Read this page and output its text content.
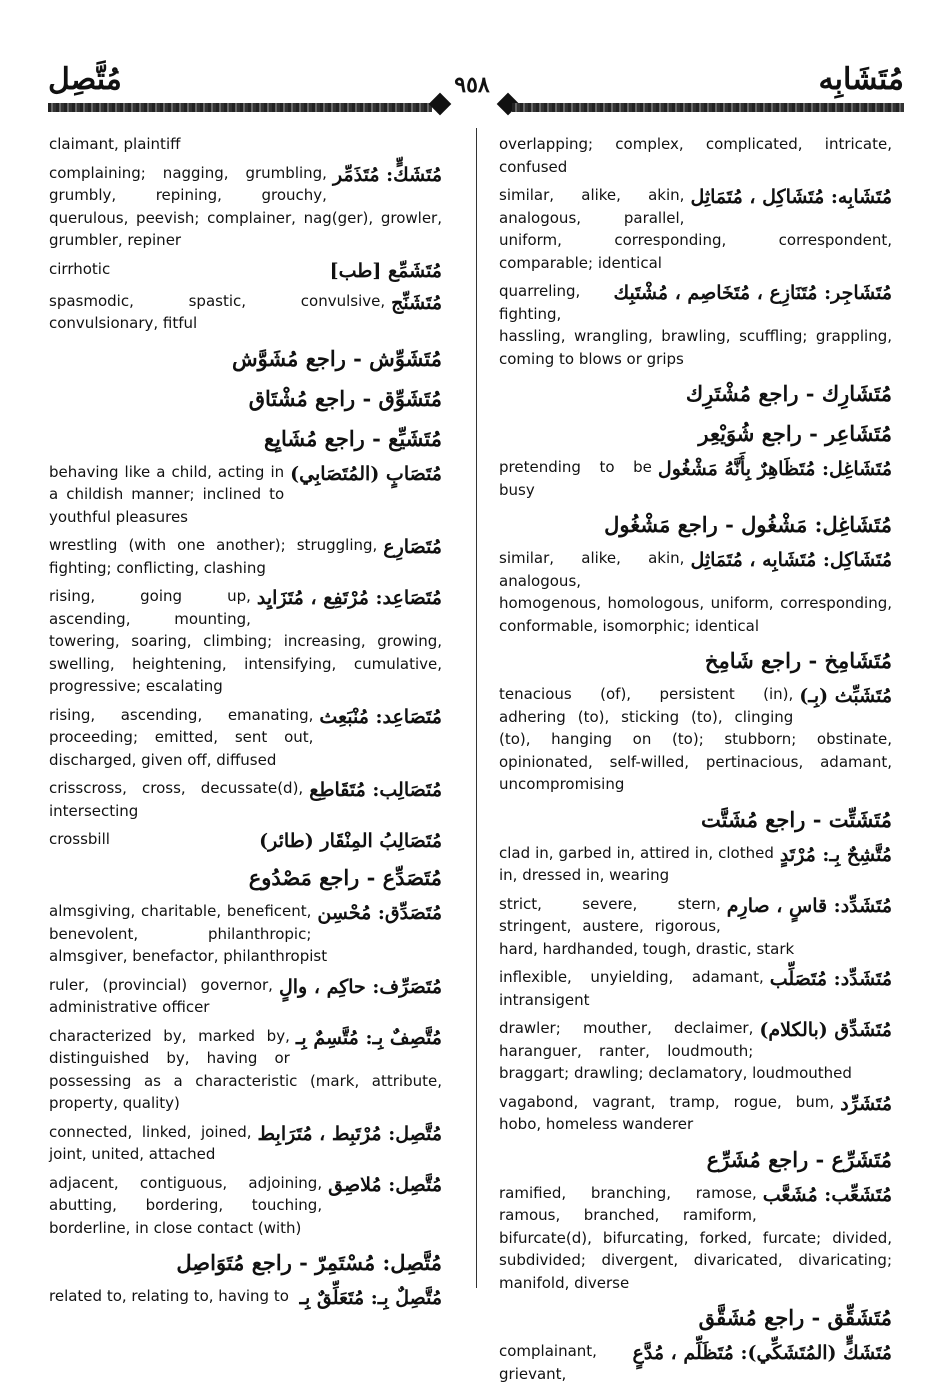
مُتَّصِل	٩٥٨	مُتَشَابِه
claimant, plaintiff
مُتَشَكٍّ: مُتَذَمِّر
complaining; nagging, grumbling, grumbly, repining, grouchy, querulous, peevish; complainer, nag(ger), growler, grumbler, repiner
مُتَشَمِّع [طب]
cirrhotic
مُتَشَنِّج
spasmodic, spastic, convulsive, convulsionary, fitful
مُتَشَوِّش - راجع مُشَوَّش
مُتَشَوِّق - راجع مُشْتَاق
مُتَشَيِّع - راجع مُشَايِع
مُتَصَابٍ (المُتَصَابِي)
behaving like a child, acting in a childish manner; inclined to youthful pleasures
مُتَصَارِع
wrestling (with one another); struggling, fighting; conflicting, clashing
مُتَصَاعِد: مُرْتَفِع ، مُتَزَايِد
rising, going up, ascending, mounting, towering, soaring, climbing; increasing, growing, swelling, heightening, intensifying, cumulative, progressive; escalating
مُتَصَاعِد: مُنْبَعِث
rising, ascending, emanating, proceeding; emitted, sent out, discharged, given off, diffused
مُتَصَالِب: مُتَقَاطِع
crisscross, cross, decussate(d), intersecting
مُتَصَالِبُ المِنْقَار (طائر)
crossbill
مُتَصَدِّع - راجع مَصْدُوع
مُتَصَدِّق: مُحْسِن
almsgiving, charitable, beneficent, benevolent, philanthropic; almsgiver, benefactor, philanthropist
مُتَصَرِّف: حاكِم ، والٍ
ruler, (provincial) governor, administrative officer
مُتَّصِفٌ بِـ: مُتَّسِمٌ بِـ
characterized by, marked by, distinguished by, having or possessing as a characteristic (mark, attribute, property, quality)
مُتَّصِل: مُرْتَبِط ، مُتَرَابِط
connected, linked, joined, joint, united, attached
مُتَّصِل: مُلاصِق
adjacent, contiguous, adjoining, abutting, bordering, touching, borderline, in close contact (with)
مُتَّصِل: مُسْتَمِرّ - راجع مُتَوَاصِل
مُتَّصِلٌ بِـ: مُتَعَلِّقٌ بِـ
related to, relating to, having to
overlapping; complex, complicated, intricate, confused
مُتَشَابِه: مُتَشَاكِل ، مُتَمَاثِل
similar, alike, akin, analogous, parallel, uniform, corresponding, correspondent, comparable; identical
مُتَشَاجِر: مُتَنَازِع ، مُتَخَاصِم ، مُشْتَبِك
quarreling, fighting, hassling, wrangling, brawling, scuffling; grappling, coming to blows or grips
مُتَشَارِك - راجع مُشْتَرِك
مُتَشَاعِر - راجع شُوَيْعِر
مُتَشَاغِل: مُتَظَاهِرٌ بِأَنَّهُ مَشْغُول
pretending to be busy
مُتَشَاغِل: مَشْغُول - راجع مَشْغُول
مُتَشَاكِل: مُتَشَابِه ، مُتَمَاثِل
similar, alike, akin, analogous, homogenous, homologous, uniform, corresponding, conformable, isomorphic; identical
مُتَشَامِخ - راجع شَامِخ
مُتَشَبِّث (بِـ)
tenacious (of), persistent (in), adhering (to), sticking (to), clinging (to), hanging on (to); stubborn; obstinate, opinionated, self-willed, pertinacious, adamant, uncompromising
مُتَشَتِّت - راجع مُشَتَّت
مُتَّشِحٌ بِـ: مُرْتَدٍ
clad in, garbed in, attired in, clothed in, dressed in, wearing
مُتَشَدِّد: قاسٍ ، صارِم
strict, severe, stern, stringent, austere, rigorous, hard, hardhanded, tough, drastic, stark
مُتَشَدِّد: مُتَصَلِّب
inflexible, unyielding, adamant, intransigent
مُتَشَدِّق (بالكلام)
drawler; mouther, declaimer, haranguer, ranter, loudmouth; braggart; drawling; declamatory, loudmouthed
مُتَشَرِّد
vagabond, vagrant, tramp, rogue, bum, hobo, homeless wanderer
مُتَشَرِّع - راجع مُشَرِّع
مُتَشَعِّب: مُشَعَّب
ramified, branching, ramose, ramous, branched, ramiform, bifurcate(d), bifurcating, forked, furcate; divided, subdivided; divergent, divaricated, divaricating; manifold, diverse
مُتَشَقِّق - راجع مُشَقَّق
مُتَشَكٍّ (المُتَشَكِّي): مُتَظَلِّم ، مُدَّعٍ
complainant, grievant,
